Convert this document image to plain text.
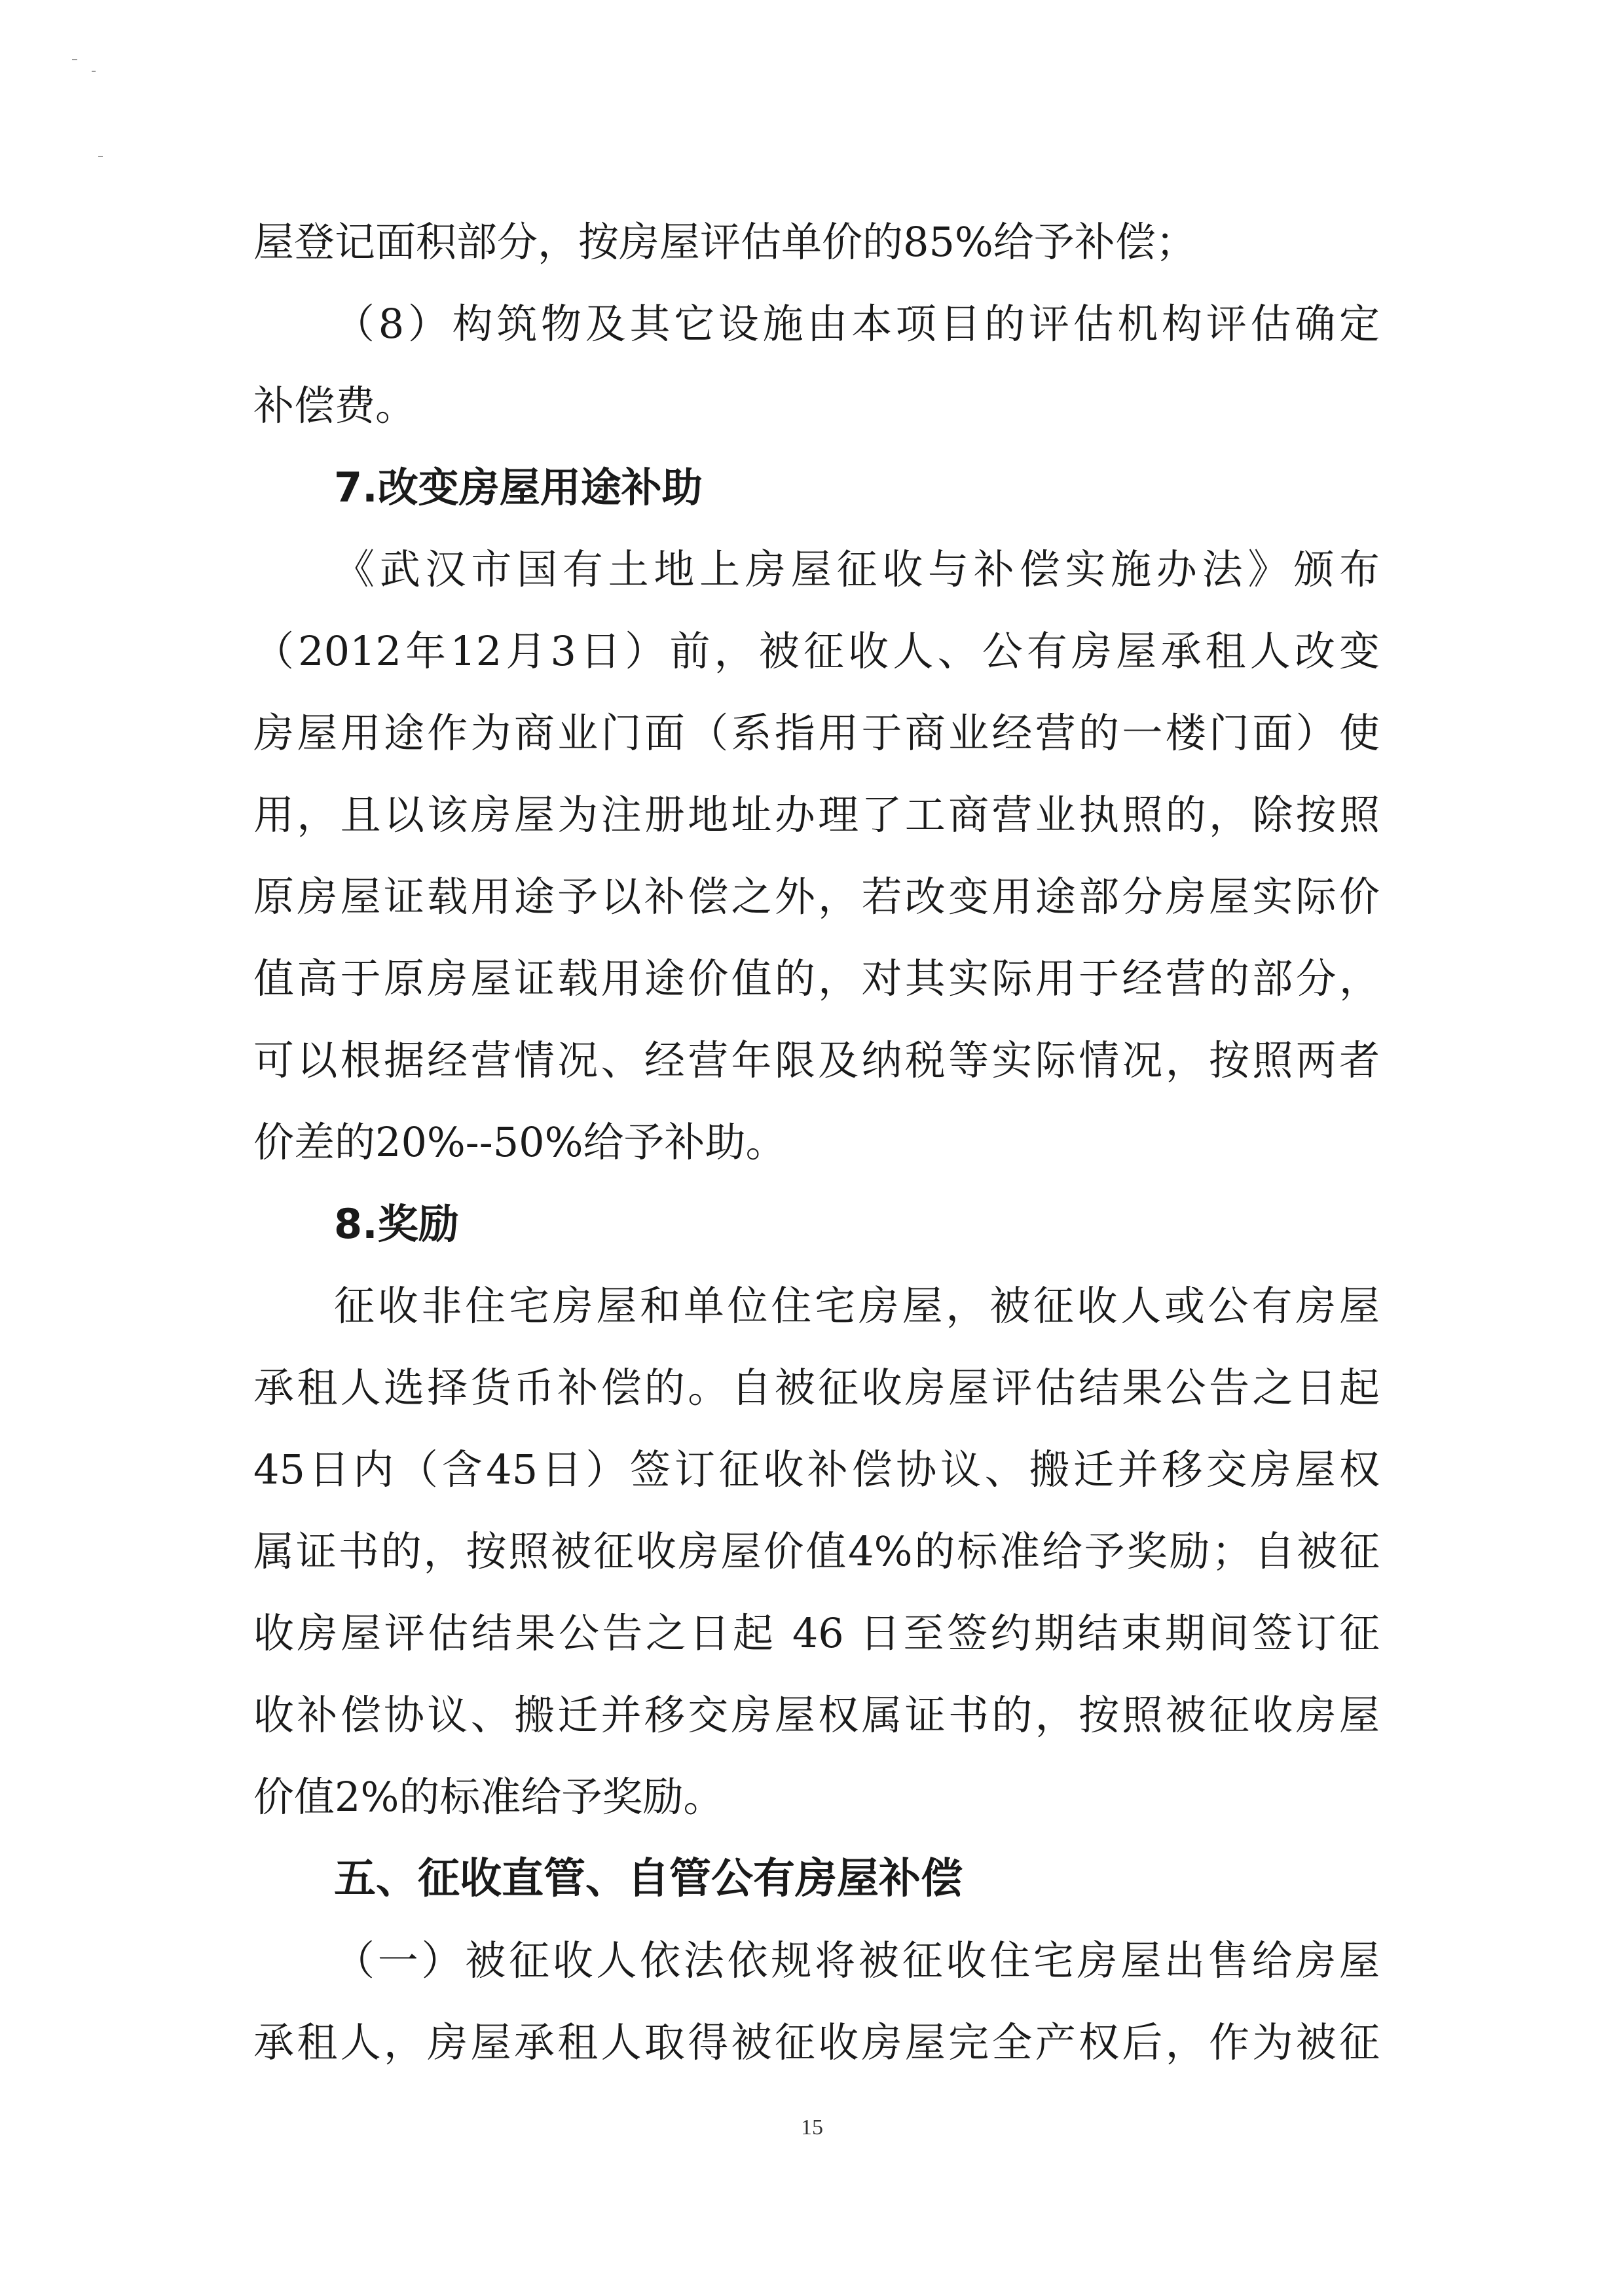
屋登记面积部分，按房屋评估单价的85%给予补偿；
（8）构筑物及其它设施由本项目的评估机构评估确定
补偿费。
7.改变房屋用途补助
《武汉市国有土地上房屋征收与补偿实施办法》颁布
（2012年12月3日）前，被征收人、公有房屋承租人改变
房屋用途作为商业门面（系指用于商业经营的一楼门面）使
用，且以该房屋为注册地址办理了工商营业执照的，除按照
原房屋证载用途予以补偿之外，若改变用途部分房屋实际价
值高于原房屋证载用途价值的，对其实际用于经营的部分，
可以根据经营情况、经营年限及纳税等实际情况，按照两者
价差的20%--50%给予补助。
8.奖励
征收非住宅房屋和单位住宅房屋，被征收人或公有房屋
承租人选择货币补偿的。自被征收房屋评估结果公告之日起
45日内（含45日）签订征收补偿协议、搬迁并移交房屋权
属证书的，按照被征收房屋价值4%的标准给予奖励；自被征
收房屋评估结果公告之日起 46 日至签约期结束期间签订征
收补偿协议、搬迁并移交房屋权属证书的，按照被征收房屋
价值2%的标准给予奖励。
五、征收直管、自管公有房屋补偿
（一）被征收人依法依规将被征收住宅房屋出售给房屋
承租人，房屋承租人取得被征收房屋完全产权后，作为被征
15
